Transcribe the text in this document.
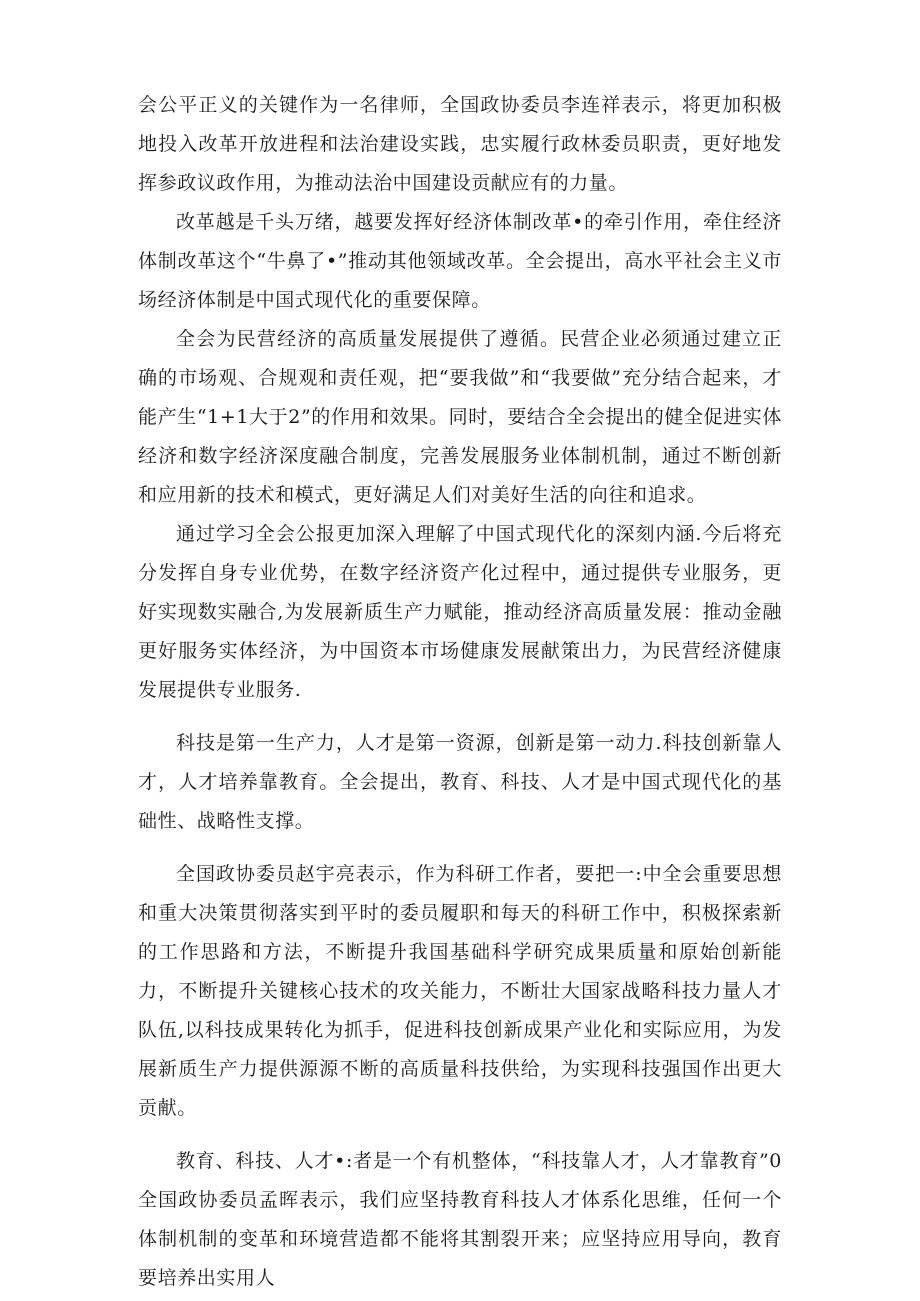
会公平正义的关键作为一名律师，全国政协委员李连祥表示，将更加积极地投入改革开放进程和法治建设实践，忠实履行政林委员职责，更好地发挥参政议政作用，为推动法治中国建设贡献应有的力量。

改革越是千头万绪，越要发挥好经济体制改革•的牵引作用，牵住经济体制改革这个“牛鼻了•”推动其他领域改革。全会提出，高水平社会主义市场经济体制是中国式现代化的重要保障。

全会为民营经济的高质量发展提供了遵循。民营企业必须通过建立正确的市场观、合规观和责任观，把“要我做”和“我要做”充分结合起来，才能产生“1+1大于2”的作用和效果。同时，要结合全会提出的健全促进实体经济和数字经济深度融合制度，完善发展服务业体制机制，通过不断创新和应用新的技术和模式，更好满足人们对美好生活的向往和追求。

通过学习全会公报更加深入理解了中国式现代化的深刻内涵.今后将充分发挥自身专业优势，在数字经济资产化过程中，通过提供专业服务，更好实现数实融合,为发展新质生产力赋能，推动经济高质量发展：推动金融更好服务实体经济，为中国资本市场健康发展献策出力，为民营经济健康发展提供专业服务.

科技是第一生产力，人才是第一资源，创新是第一动力.科技创新靠人才，人才培养靠教育。全会提出，教育、科技、人才是中国式现代化的基础性、战略性支撑。

全国政协委员赵宇亮表示，作为科研工作者，要把一:中全会重要思想和重大决策贯彻落实到平时的委员履职和每天的科研工作中，积极探索新的工作思路和方法，不断提升我国基础科学研究成果质量和原始创新能力，不断提升关键核心技术的攻关能力，不断壮大国家战略科技力量人才队伍,以科技成果转化为抓手，促进科技创新成果产业化和实际应用，为发展新质生产力提供源源不断的高质量科技供给，为实现科技强国作出更大贡献。

教育、科技、人才•:者是一个有机整体，“科技靠人才，人才靠教育”0全国政协委员孟晖表示，我们应坚持教育科技人才体系化思维，任何一个体制机制的变革和环境营造都不能将其割裂开来；应坚持应用导向，教育要培养出实用人
